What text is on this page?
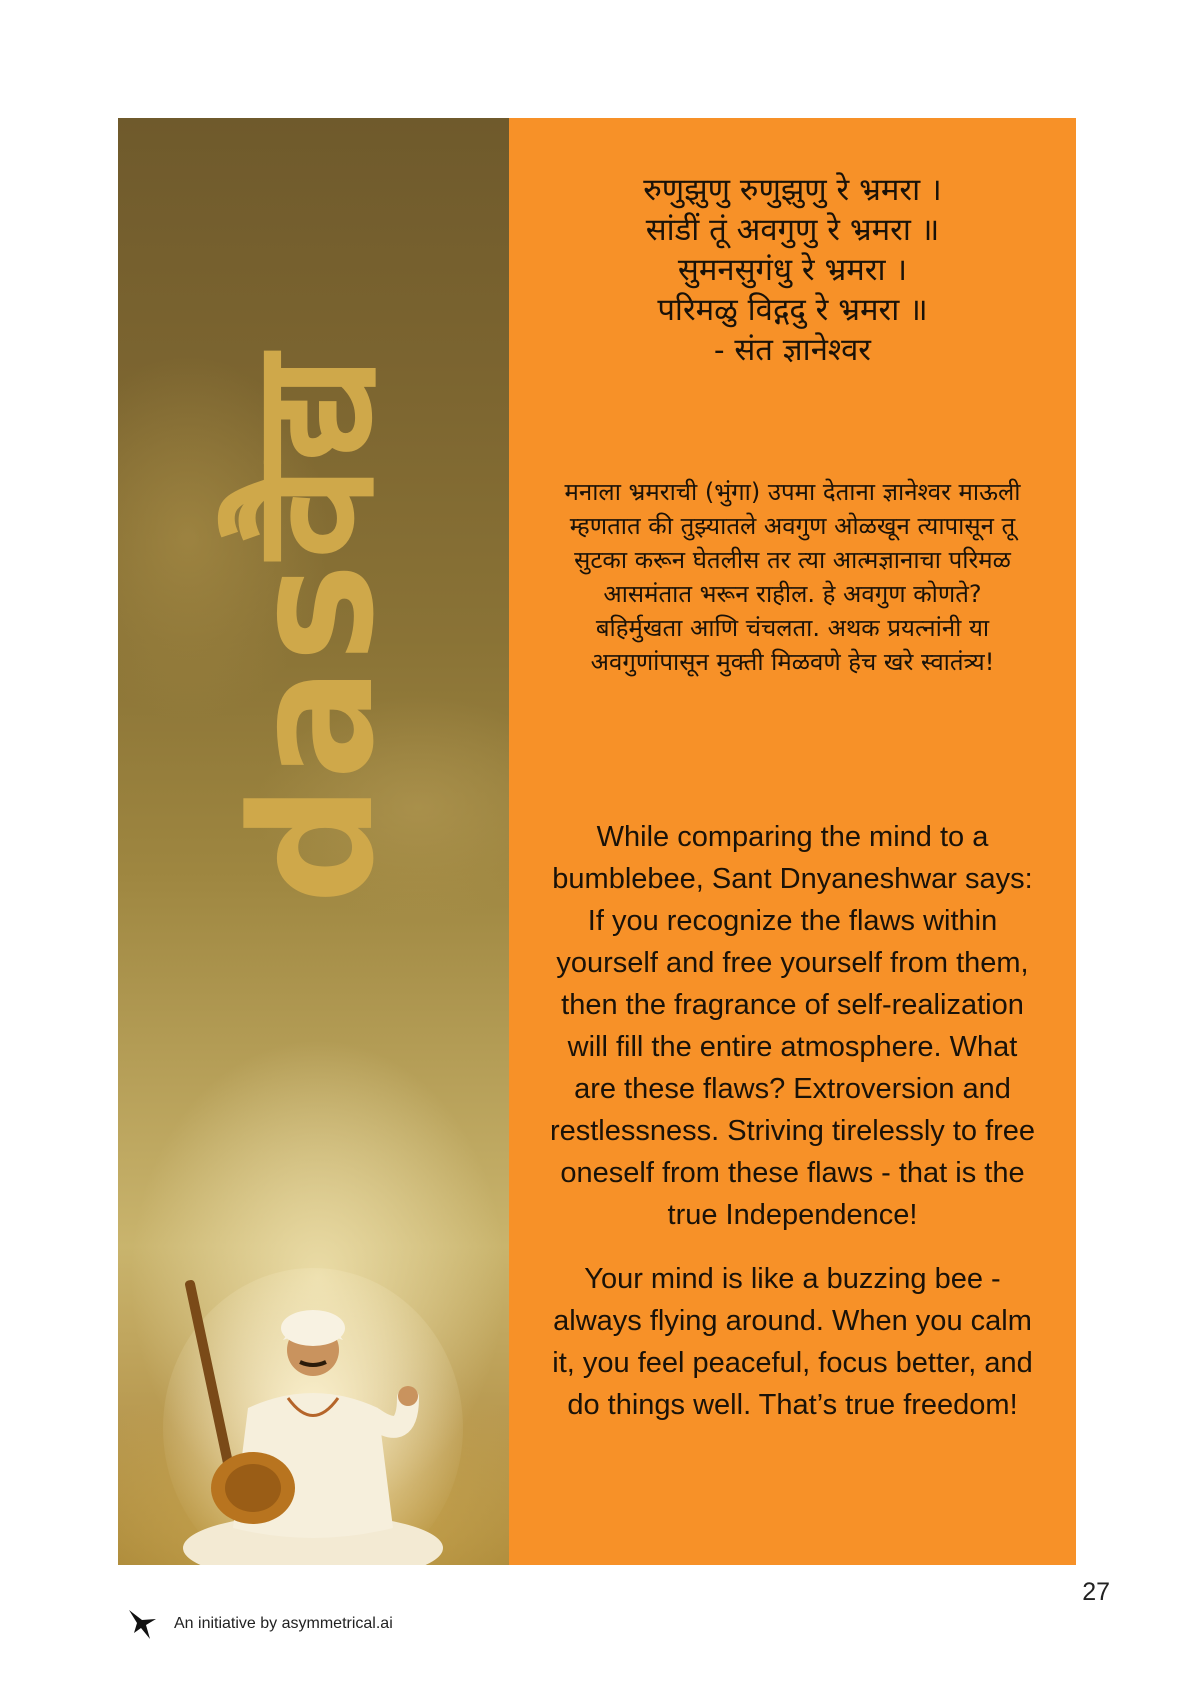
dasवैद्य
रुणुझुणु रुणुझुणु रे भ्रमरा ।
सांडीं तूं अवगुणु रे भ्रमरा ॥
सुमनसुगंधु रे भ्रमरा ।
परिमळु विद्गदु रे भ्रमरा ॥
- संत ज्ञानेश्वर
मनाला भ्रमराची (भुंगा) उपमा देताना ज्ञानेश्वर माऊली
म्हणतात की तुझ्यातले अवगुण ओळखून त्यापासून तू
सुटका करून घेतलीस तर त्या आत्मज्ञानाचा परिमळ
आसमंतात भरून राहील. हे अवगुण कोणते?
बहिर्मुखता आणि चंचलता. अथक प्रयत्नांनी या
अवगुणांपासून मुक्ती मिळवणे हेच खरे स्वातंत्र्य!
While comparing the mind to a
bumblebee, Sant Dnyaneshwar says:
If you recognize the flaws within
yourself and free yourself from them,
then the fragrance of self-realization
will fill the entire atmosphere. What
are these flaws? Extroversion and
restlessness. Striving tirelessly to free
oneself from these flaws - that is the
true Independence!
Your mind is like a buzzing bee -
always flying around. When you calm
it, you feel peaceful, focus better, and
do things well. That’s true freedom!
27
An initiative by asymmetrical.ai
